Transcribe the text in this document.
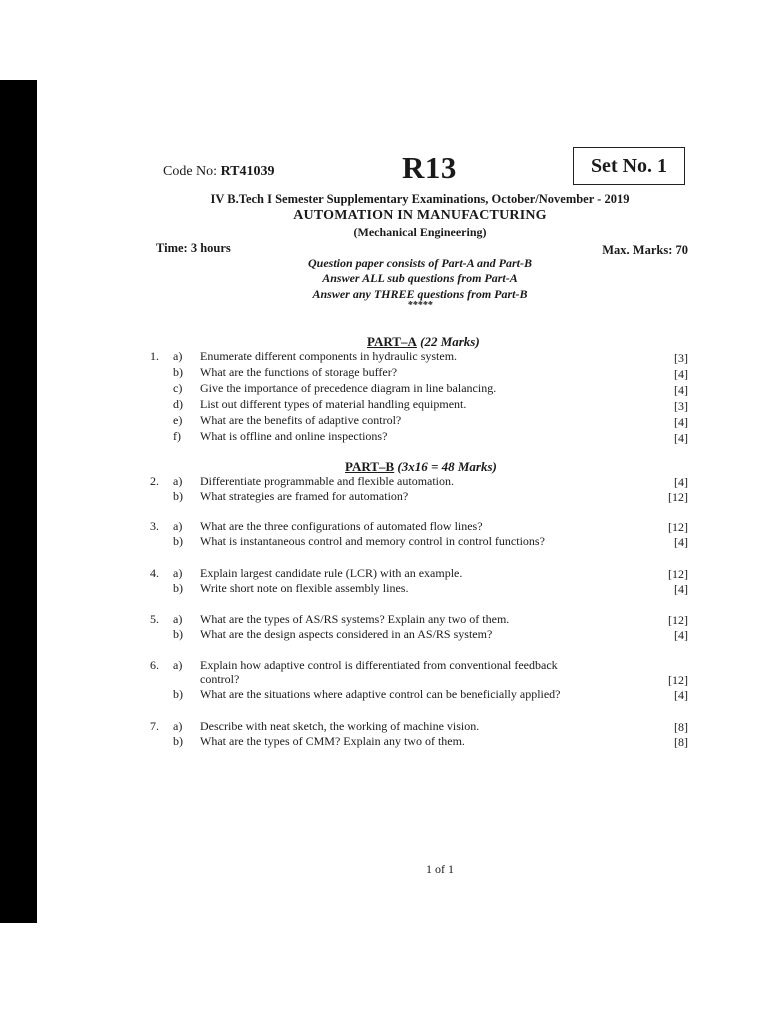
Code No: RT41039	R13	Set No. 1
IV B.Tech I Semester Supplementary Examinations, October/November - 2019
AUTOMATION IN MANUFACTURING
(Mechanical Engineering)
Time: 3 hours	Max. Marks: 70
Question paper consists of Part-A and Part-B
Answer ALL sub questions from Part-A
Answer any THREE questions from Part-B
*****
PART–A (22 Marks)
1. a) Enumerate different components in hydraulic system.	[3]
b) What are the functions of storage buffer?	[4]
c) Give the importance of precedence diagram in line balancing.	[4]
d) List out different types of material handling equipment.	[3]
e) What are the benefits of adaptive control?	[4]
f) What is offline and online inspections?	[4]
PART–B (3x16 = 48 Marks)
2. a) Differentiate programmable and flexible automation.	[4]
b) What strategies are framed for automation?	[12]
3. a) What are the three configurations of automated flow lines?	[12]
b) What is instantaneous control and memory control in control functions?	[4]
4. a) Explain largest candidate rule (LCR) with an example.	[12]
b) Write short note on flexible assembly lines.	[4]
5. a) What are the types of AS/RS systems? Explain any two of them.	[12]
b) What are the design aspects considered in an AS/RS system?	[4]
6. a) Explain how adaptive control is differentiated from conventional feedback
control?	[12]
b) What are the situations where adaptive control can be beneficially applied?	[4]
7. a) Describe with neat sketch, the working of machine vision.	[8]
b) What are the types of CMM? Explain any two of them.	[8]
1 of 1
